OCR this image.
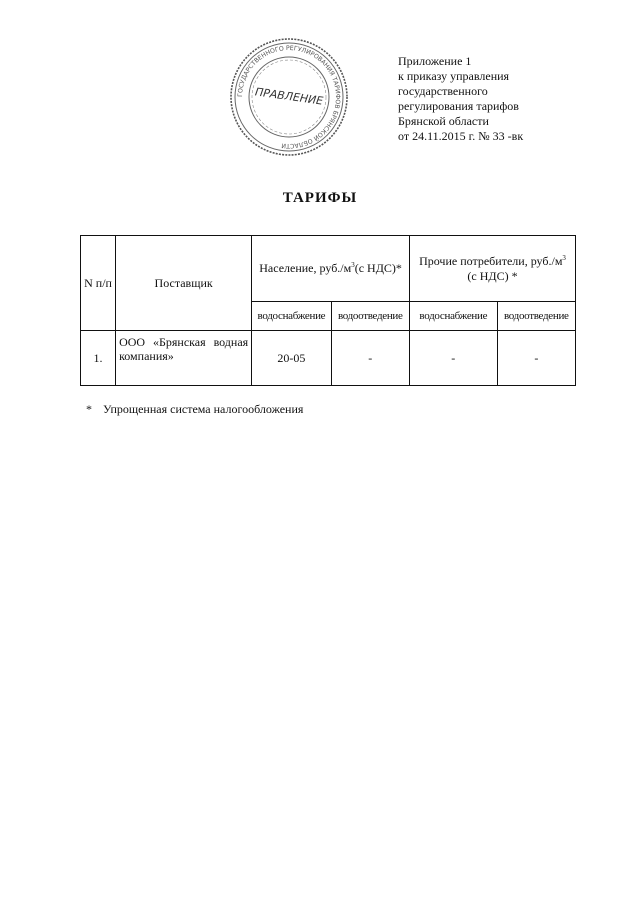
ГОСУДАРСТВЕННОГО РЕГУЛИРОВАНИЯ ТАРИФОВ БРЯНСКОЙ ОБЛАСТИ
ПРАВЛЕНИЕ
Приложение 1
к приказу управления
государственного
регулирования тарифов
Брянской области
от 24.11.2015 г. № 33 -вк
ТАРИФЫ
N п/п	Поставщик	Население, $руб./м^3(с$ НДС)*		Прочие потребители, $руб./м^3$
(с НДС) *	
		водоснабжение	водоотведение	водоснабжение	водоотведение
1.	ООО «Брянская водная компания»	20-05	-	-	-
* Упрощенная система налогообложения
